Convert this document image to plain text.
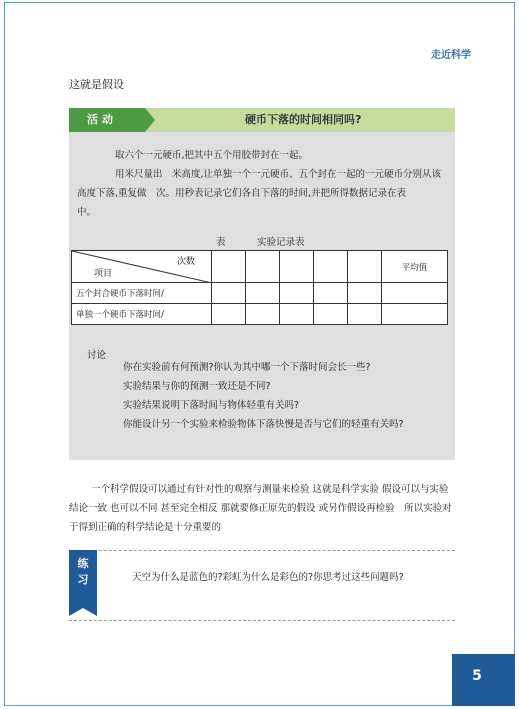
走近科学
这就是假设
活动	硬币下落的时间相同吗?
取六个一元硬币,把其中五个用胶带封在一起。
用米尺量出　米高度,让单独一个一元硬币、五个封在一起的一元硬币分别从该高度下落,重复做　次。用秒表记录它们各自下落的时间,并把所得数据记录在表　　　中。
表	实验记录表
次数
项目						平均值
五个封合硬币下落时间/						
单独一个硬币下落时间/						
讨论
你在实验前有何预测?你认为其中哪一个下落时间会长一些?
实验结果与你的预测一致还是不同?
实验结果说明下落时间与物体轻重有关吗?
你能设计另一个实验来检验物体下落快慢是否与它们的轻重有关吗?
一个科学假设可以通过有针对性的观察与测量来检验 这就是科学实验 假设可以与实验结论一致 也可以不同 甚至完全相反 那就要修正原先的假设 或另作假设再检验　所以实验对于得到正确的科学结论是十分重要的
练
习	天空为什么是蓝色的?彩虹为什么是彩色的?你思考过这些问题吗?
5
